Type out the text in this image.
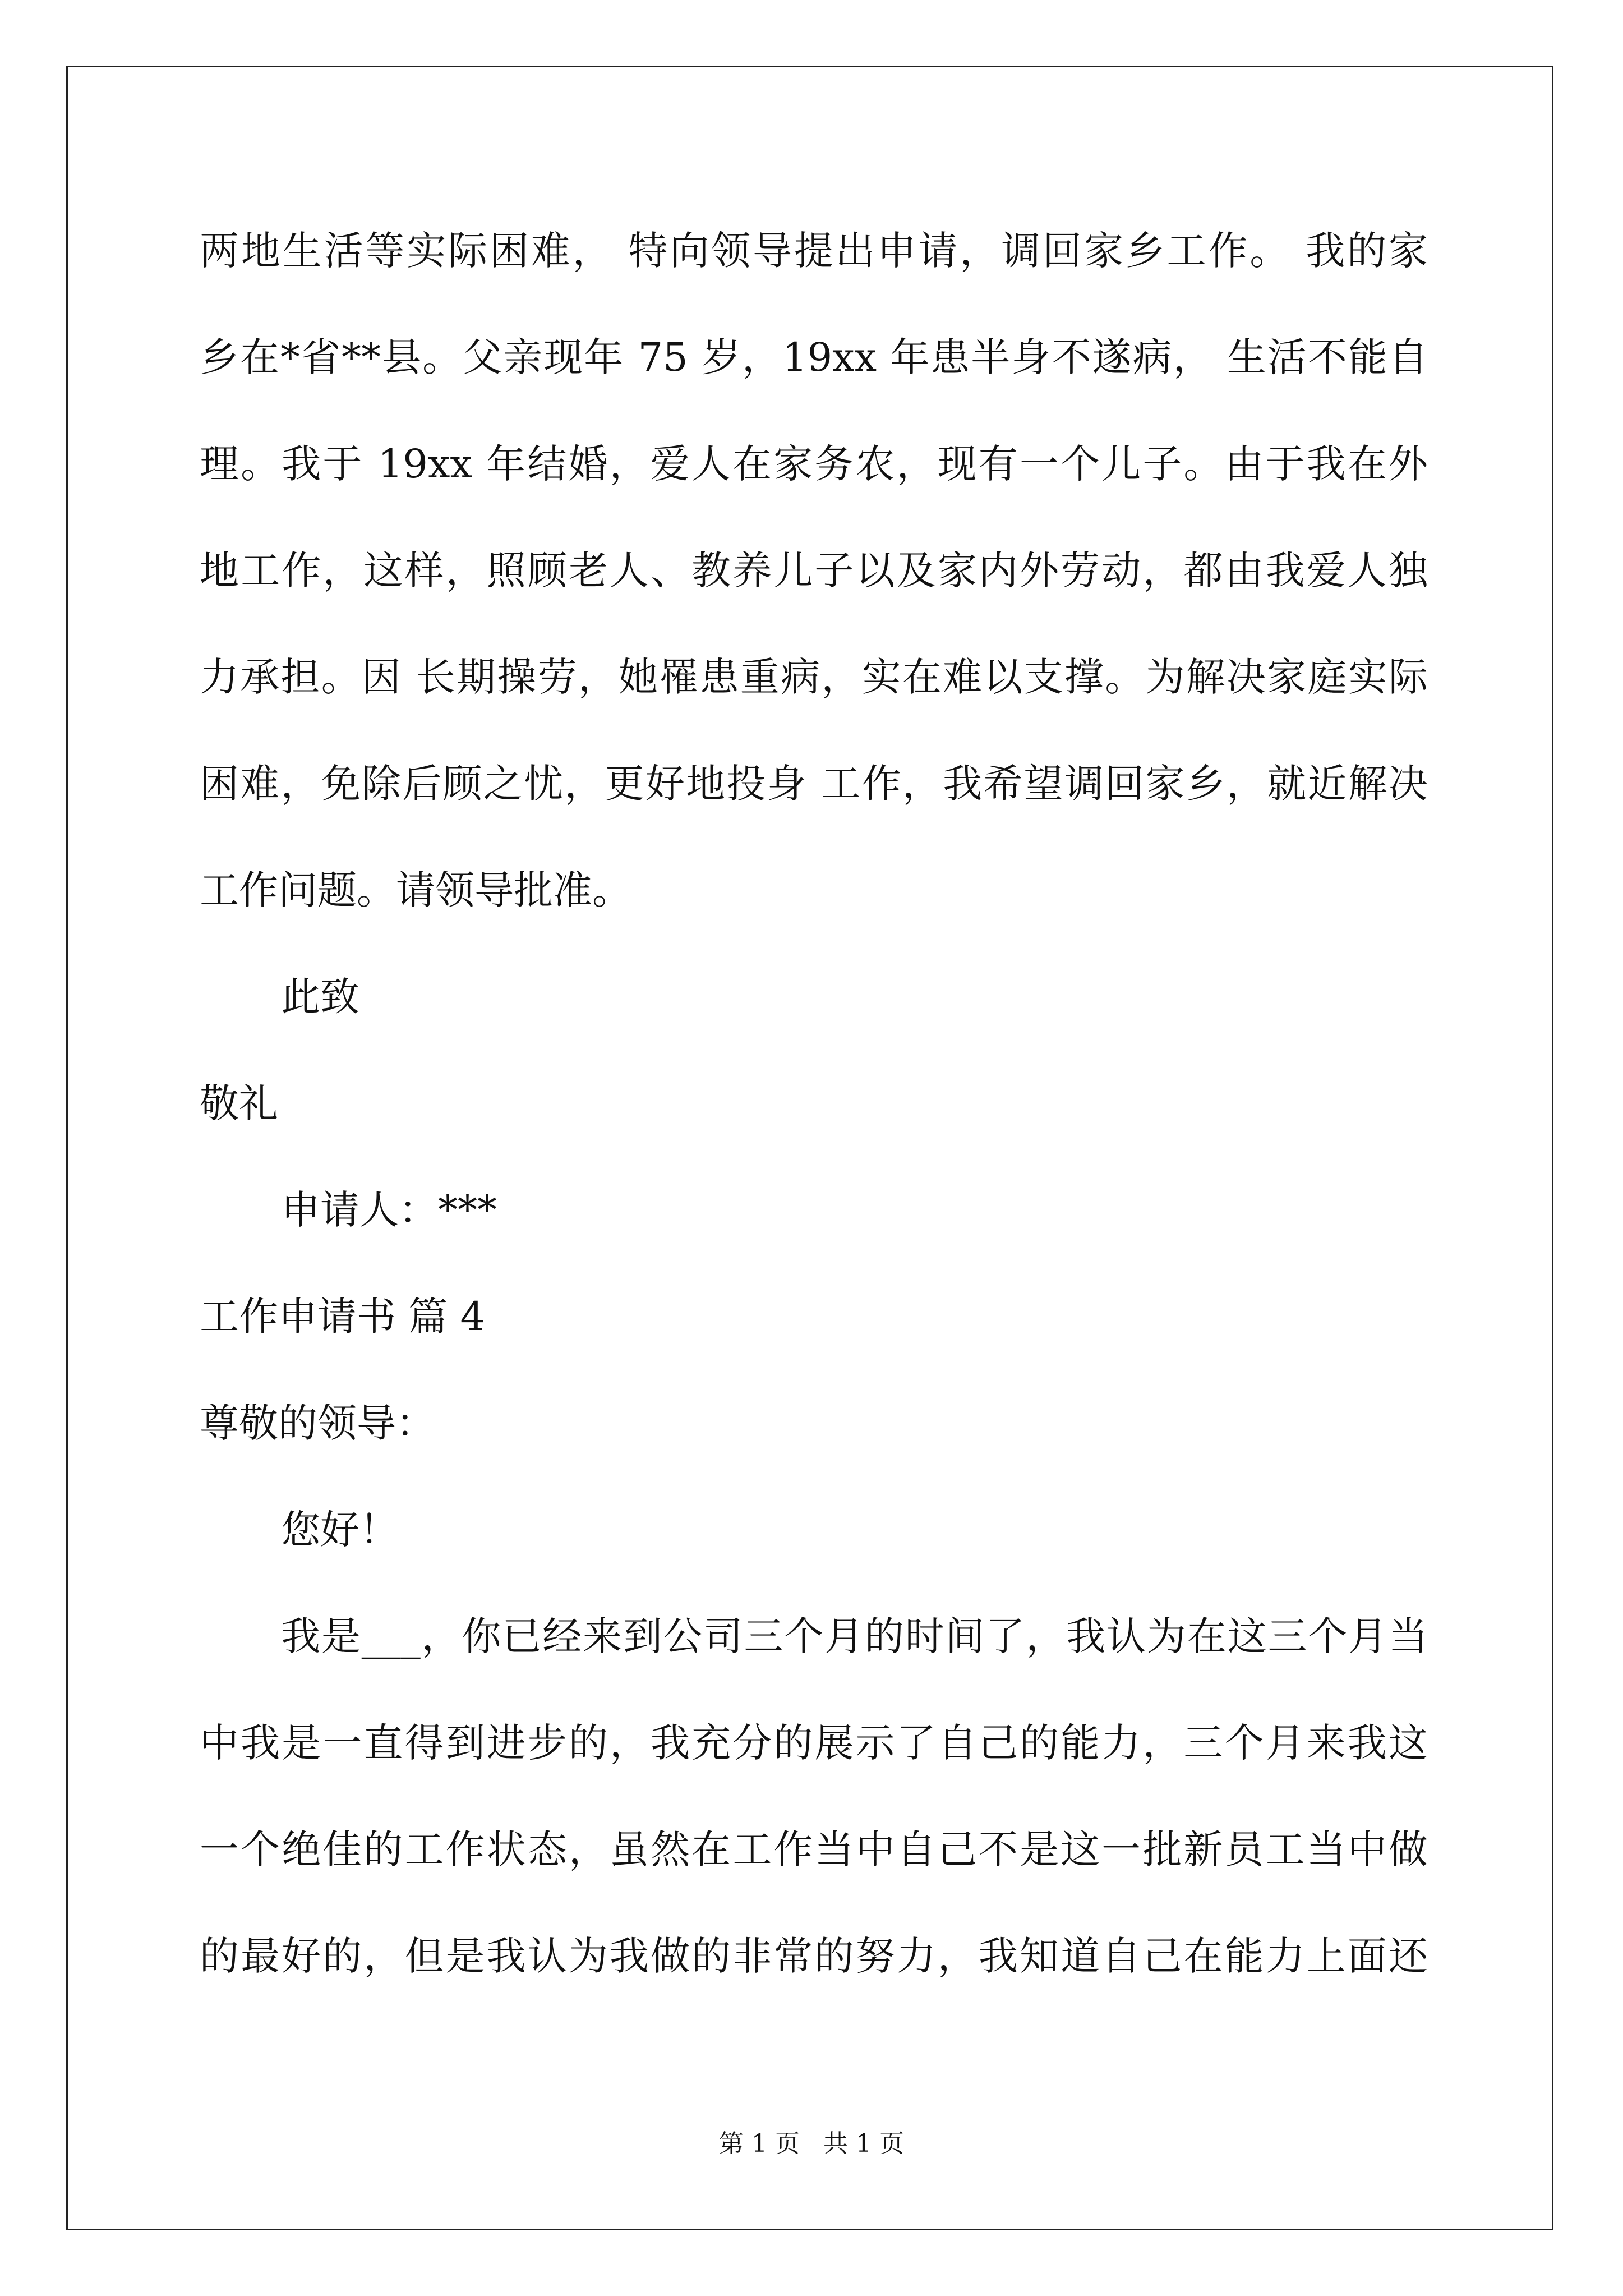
两地生活等实际困难， 特向领导提出申请，调回家乡工作。 我的家
乡在*省**县。父亲现年 75 岁，19xx 年患半身不遂病， 生活不能自
理。我于 19xx 年结婚，爱人在家务农，现有一个儿子。由于我在外
地工作，这样，照顾老人、教养儿子以及家内外劳动，都由我爱人独
力承担。因 长期操劳，她罹患重病，实在难以支撑。为解决家庭实际
困难，免除后顾之忧，更好地投身 工作，我希望调回家乡，就近解决
工作问题。请领导批准。
此致
敬礼
申请人：***
工作申请书 篇 4
尊敬的领导：
您好！
我是___，你已经来到公司三个月的时间了，我认为在这三个月当
中我是一直得到进步的，我充分的展示了自己的能力，三个月来我这
一个绝佳的工作状态，虽然在工作当中自己不是这一批新员工当中做
的最好的，但是我认为我做的非常的努力，我知道自己在能力上面还
第 1 页   共 1 页
